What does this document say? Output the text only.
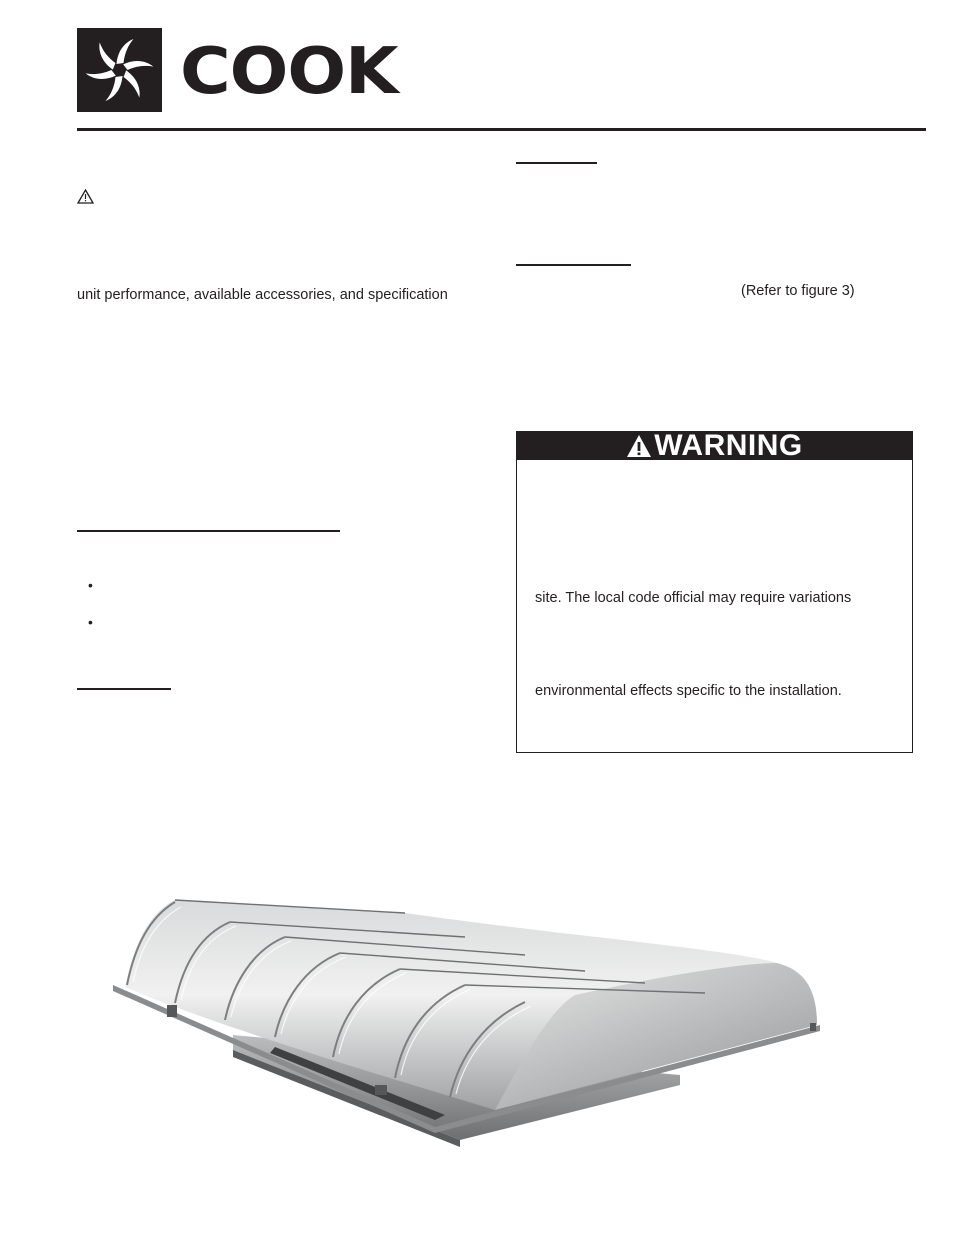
COOK
unit performance, available accessories, and specification
•
•
(Refer to figure 3)
WARNING
site. The local code official may require variations
environmental effects specific to the installation.
